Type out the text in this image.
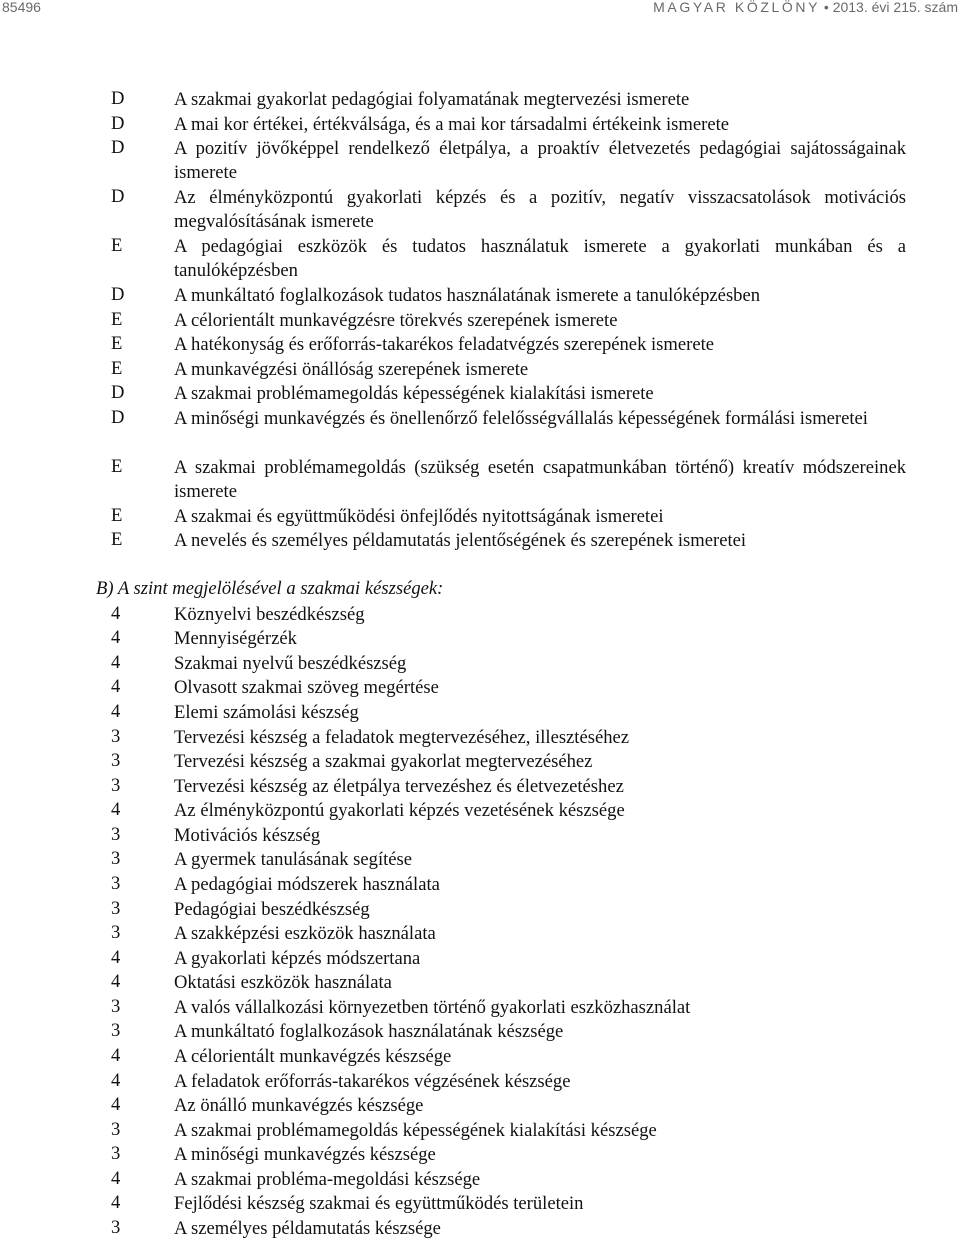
85496	MAGYAR KÖZLÖNY • 2013. évi 215. szám
D	A szakmai gyakorlat pedagógiai folyamatának megtervezési ismerete
D	A mai kor értékei, értékválsága, és a mai kor társadalmi értékeink ismerete
D	A pozitív jövőképpel rendelkező életpálya, a proaktív életvezetés pedagógiai sajátosságainak ismerete
D	Az élményközpontú gyakorlati képzés és a pozitív, negatív visszacsatolások motivációs megvalósításának ismerete
E	A pedagógiai eszközök és tudatos használatuk ismerete a gyakorlati munkában és a tanulóképzésben
D	A munkáltató foglalkozások tudatos használatának ismerete a tanulóképzésben
E	A célorientált munkavégzésre törekvés szerepének ismerete
E	A hatékonyság és erőforrás-takarékos feladatvégzés szerepének ismerete
E	A munkavégzési önállóság szerepének ismerete
D	A szakmai problémamegoldás képességének kialakítási ismerete
D	A minőségi munkavégzés és önellenőrző felelősségvállalás képességének formálási ismeretei
E	A szakmai problémamegoldás (szükség esetén csapatmunkában történő) kreatív módszereinek ismerete
E	A szakmai és együttműködési önfejlődés nyitottságának ismeretei
E	A nevelés és személyes példamutatás jelentőségének és szerepének ismeretei
B) A szint megjelölésével a szakmai készségek:
4	Köznyelvi beszédkészség
4	Mennyiségérzék
4	Szakmai nyelvű beszédkészség
4	Olvasott szakmai szöveg megértése
4	Elemi számolási készség
3	Tervezési készség a feladatok megtervezéséhez, illesztéséhez
3	Tervezési készség a szakmai gyakorlat megtervezéséhez
3	Tervezési készség az életpálya tervezéshez és életvezetéshez
4	Az élményközpontú gyakorlati képzés vezetésének készsége
3	Motivációs készség
3	A gyermek tanulásának segítése
3	A pedagógiai módszerek használata
3	Pedagógiai beszédkészség
3	A szakképzési eszközök használata
4	A gyakorlati képzés módszertana
4	Oktatási eszközök használata
3	A valós vállalkozási környezetben történő gyakorlati eszközhasználat
3	A munkáltató foglalkozások használatának készsége
4	A célorientált munkavégzés készsége
4	A feladatok erőforrás-takarékos végzésének készsége
4	Az önálló munkavégzés készsége
3	A szakmai problémamegoldás képességének kialakítási készsége
3	A minőségi munkavégzés készsége
4	A szakmai probléma-megoldási készsége
4	Fejlődési készség szakmai és együttműködés területein
3	A személyes példamutatás készsége
